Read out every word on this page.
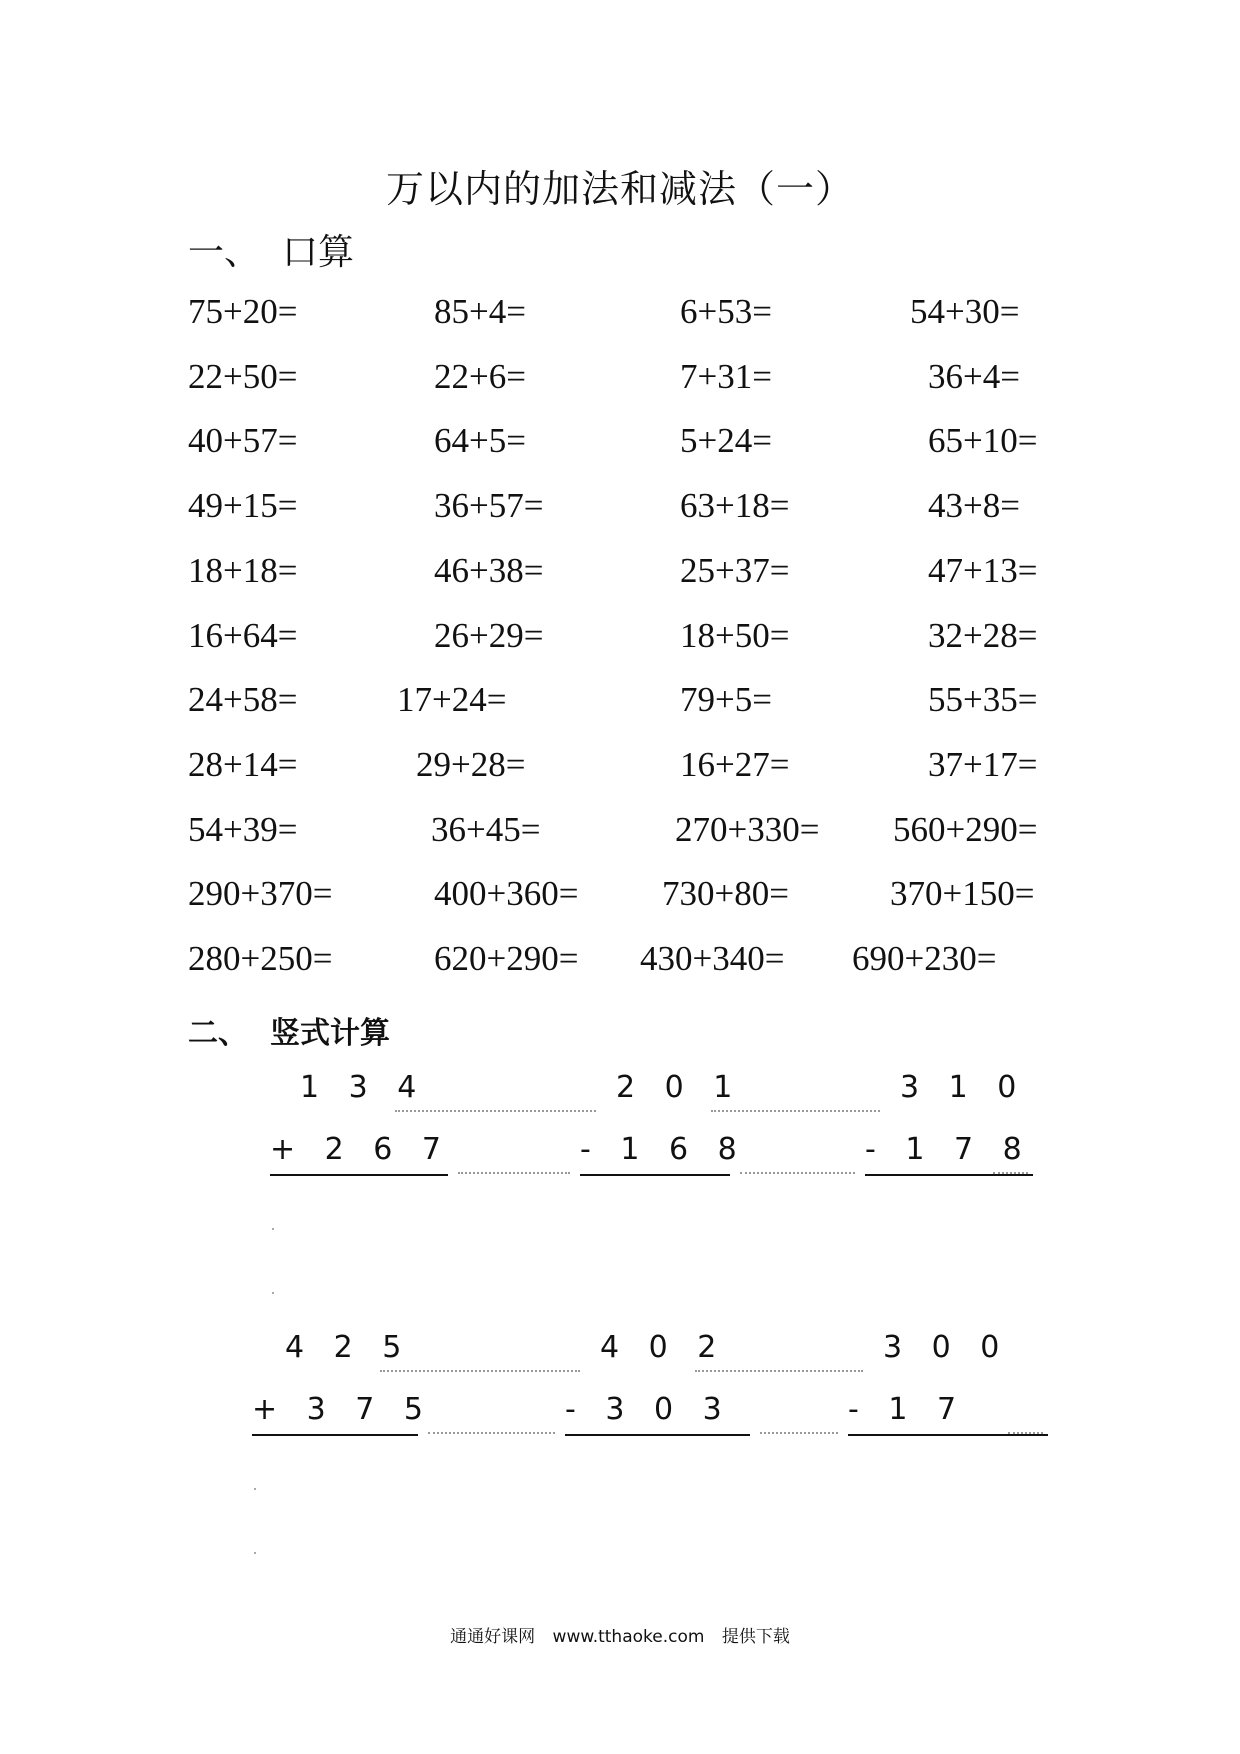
万以内的加法和减法（一）
一、 口算
75+20=	85+4=	6+53=	54+30=
22+50=	22+6=	7+31=	36+4=
40+57=	64+5=	5+24=	65+10=
49+15=	36+57=	63+18=	43+8=
18+18=	46+38=	25+37=	47+13=
16+64=	26+29=	18+50=	32+28=
24+58=	17+24=	79+5=	55+35=
28+14=	29+28=	16+27=	37+17=
54+39=	36+45=	270+330= 560+290=
290+370=	400+360= 730+80=	370+150=
280+250=	620+290= 430+340= 690+230=
二、 竖式计算
1 3 4
+ 2 6 7
2 0 1
- 1 6 8
3 1 0
- 1 7 8
4 2 5
+ 3 7 5
4 0 2
- 3 0 3
3 0 0
- 1 7
通通好课网 www.tthaoke.com 提供下载
